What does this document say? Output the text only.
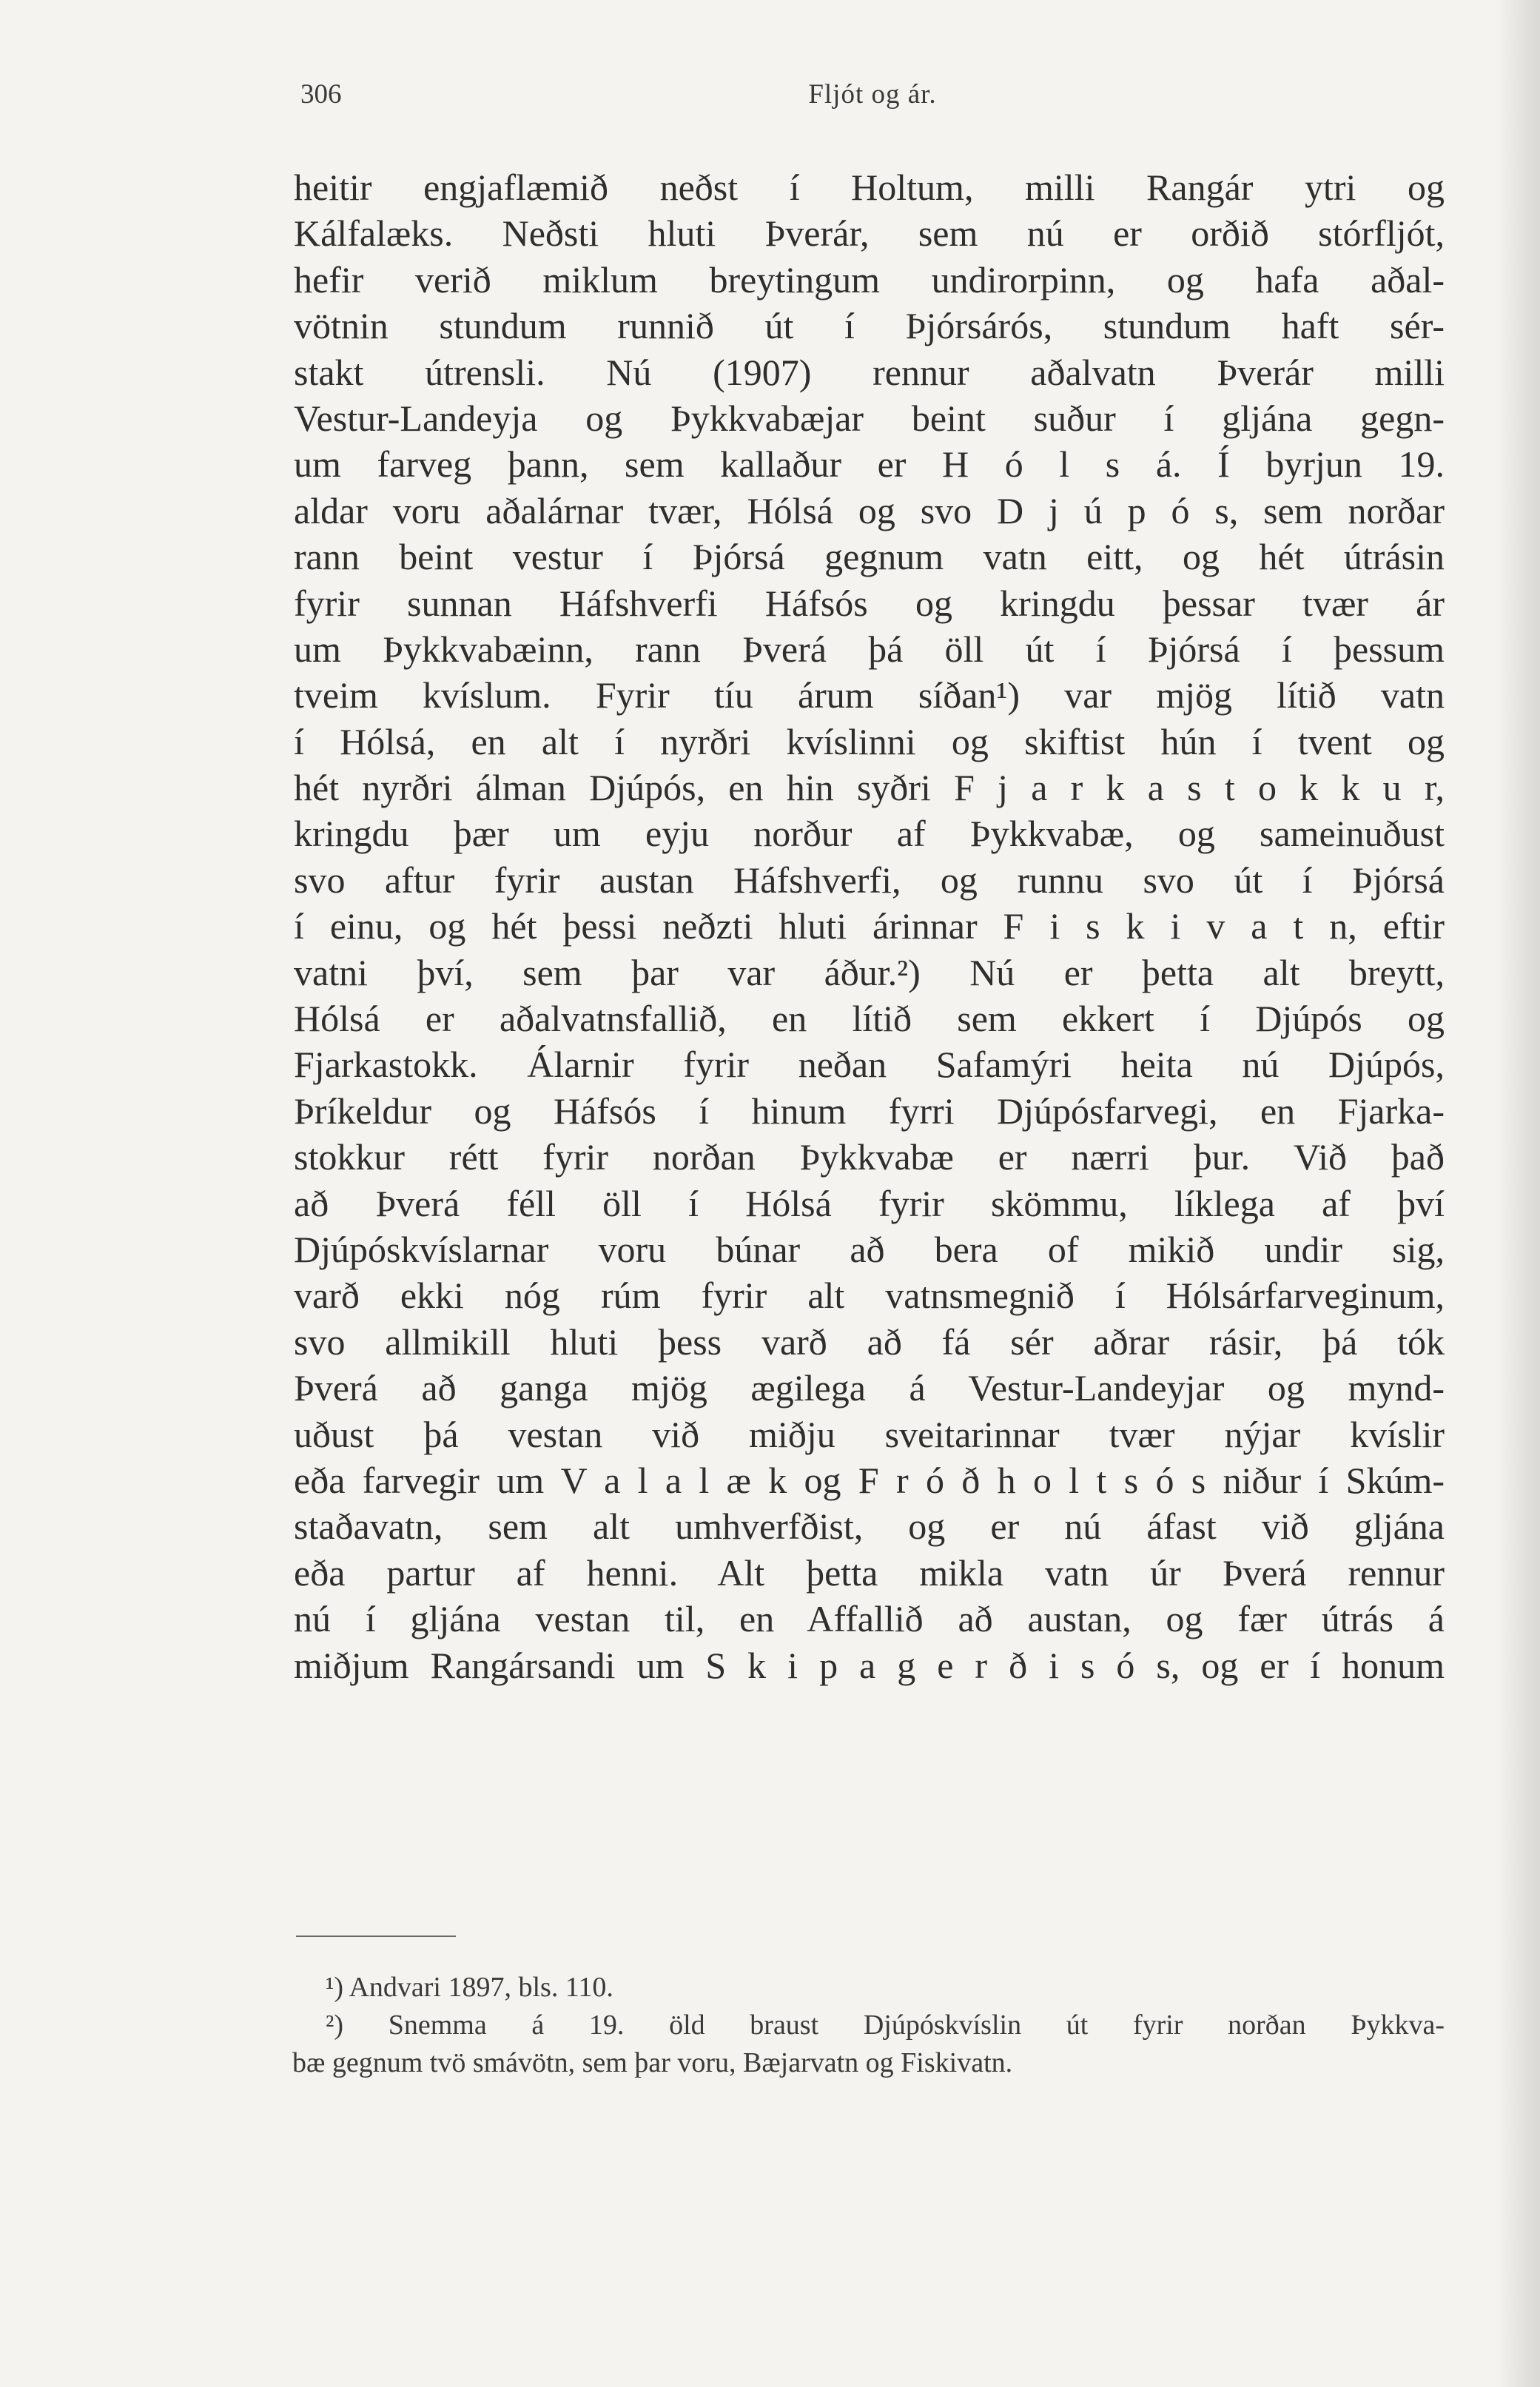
306	Fljót og ár.
heitir engjaflæmið neðst í Holtum, milli Rangár ytri og
Kálfalæks. Neðsti hluti Þverár, sem nú er orðið stórfljót,
hefir verið miklum breytingum undirorpinn, og hafa aðal-
vötnin stundum runnið út í Þjórsárós, stundum haft sér-
stakt útrensli. Nú (1907) rennur aðalvatn Þverár milli
Vestur-Landeyja og Þykkvabæjar beint suður í gljána gegn-
um farveg þann, sem kallaður er H ó l s á. Í byrjun 19.
aldar voru aðalárnar tvær, Hólsá og svo D j ú p ó s, sem norðar
rann beint vestur í Þjórsá gegnum vatn eitt, og hét útrásin
fyrir sunnan Háfshverfi Háfsós og kringdu þessar tvær ár
um Þykkvabæinn, rann Þverá þá öll út í Þjórsá í þessum
tveim kvíslum. Fyrir tíu árum síðan¹) var mjög lítið vatn
í Hólsá, en alt í nyrðri kvíslinni og skiftist hún í tvent og
hét nyrðri álman Djúpós, en hin syðri F j a r k a s t o k k u r,
kringdu þær um eyju norður af Þykkvabæ, og sameinuðust
svo aftur fyrir austan Háfshverfi, og runnu svo út í Þjórsá
í einu, og hét þessi neðzti hluti árinnar F i s k i v a t n, eftir
vatni því, sem þar var áður.²) Nú er þetta alt breytt,
Hólsá er aðalvatnsfallið, en lítið sem ekkert í Djúpós og
Fjarkastokk. Álarnir fyrir neðan Safamýri heita nú Djúpós,
Þríkeldur og Háfsós í hinum fyrri Djúpósfarvegi, en Fjarka-
stokkur rétt fyrir norðan Þykkvabæ er nærri þur. Við það
að Þverá féll öll í Hólsá fyrir skömmu, líklega af því
Djúpóskvíslarnar voru búnar að bera of mikið undir sig,
varð ekki nóg rúm fyrir alt vatnsmegnið í Hólsárfarveginum,
svo allmikill hluti þess varð að fá sér aðrar rásir, þá tók
Þverá að ganga mjög ægilega á Vestur-Landeyjar og mynd-
uðust þá vestan við miðju sveitarinnar tvær nýjar kvíslir
eða farvegir um V a l a l æ k og F r ó ð h o l t s ó s niður í Skúm-
staðavatn, sem alt umhverfðist, og er nú áfast við gljána
eða partur af henni. Alt þetta mikla vatn úr Þverá rennur
nú í gljána vestan til, en Affallið að austan, og fær útrás á
miðjum Rangársandi um S k i p a g e r ð i s ó s, og er í honum
¹) Andvari 1897, bls. 110.
²) Snemma á 19. öld braust Djúpóskvíslin út fyrir norðan Þykkva-
bæ gegnum tvö smávötn, sem þar voru, Bæjarvatn og Fiskivatn.
